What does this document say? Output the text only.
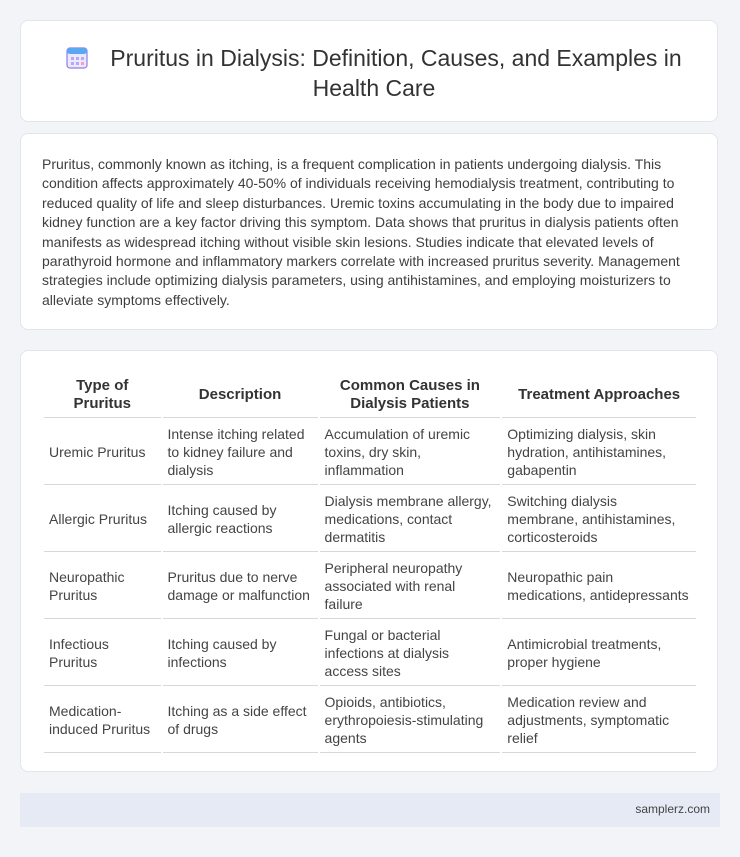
Pruritus in Dialysis: Definition, Causes, and Examples in Health Care

Pruritus, commonly known as itching, is a frequent complication in patients undergoing dialysis. This condition affects approximately 40-50% of individuals receiving hemodialysis treatment, contributing to reduced quality of life and sleep disturbances. Uremic toxins accumulating in the body due to impaired kidney function are a key factor driving this symptom. Data shows that pruritus in dialysis patients often manifests as widespread itching without visible skin lesions. Studies indicate that elevated levels of parathyroid hormone and inflammatory markers correlate with increased pruritus severity. Management strategies include optimizing dialysis parameters, using antihistamines, and employing moisturizers to alleviate symptoms effectively.

Type of Pruritus	Description	Common Causes in Dialysis Patients	Treatment Approaches
Uremic Pruritus	Intense itching related to kidney failure and dialysis	Accumulation of uremic toxins, dry skin, inflammation	Optimizing dialysis, skin hydration, antihistamines, gabapentin
Allergic Pruritus	Itching caused by allergic reactions	Dialysis membrane allergy, medications, contact dermatitis	Switching dialysis membrane, antihistamines, corticosteroids
Neuropathic Pruritus	Pruritus due to nerve damage or malfunction	Peripheral neuropathy associated with renal failure	Neuropathic pain medications, antidepressants
Infectious Pruritus	Itching caused by infections	Fungal or bacterial infections at dialysis access sites	Antimicrobial treatments, proper hygiene
Medication-induced Pruritus	Itching as a side effect of drugs	Opioids, antibiotics, erythropoiesis-stimulating agents	Medication review and adjustments, symptomatic relief
samplerz.com
